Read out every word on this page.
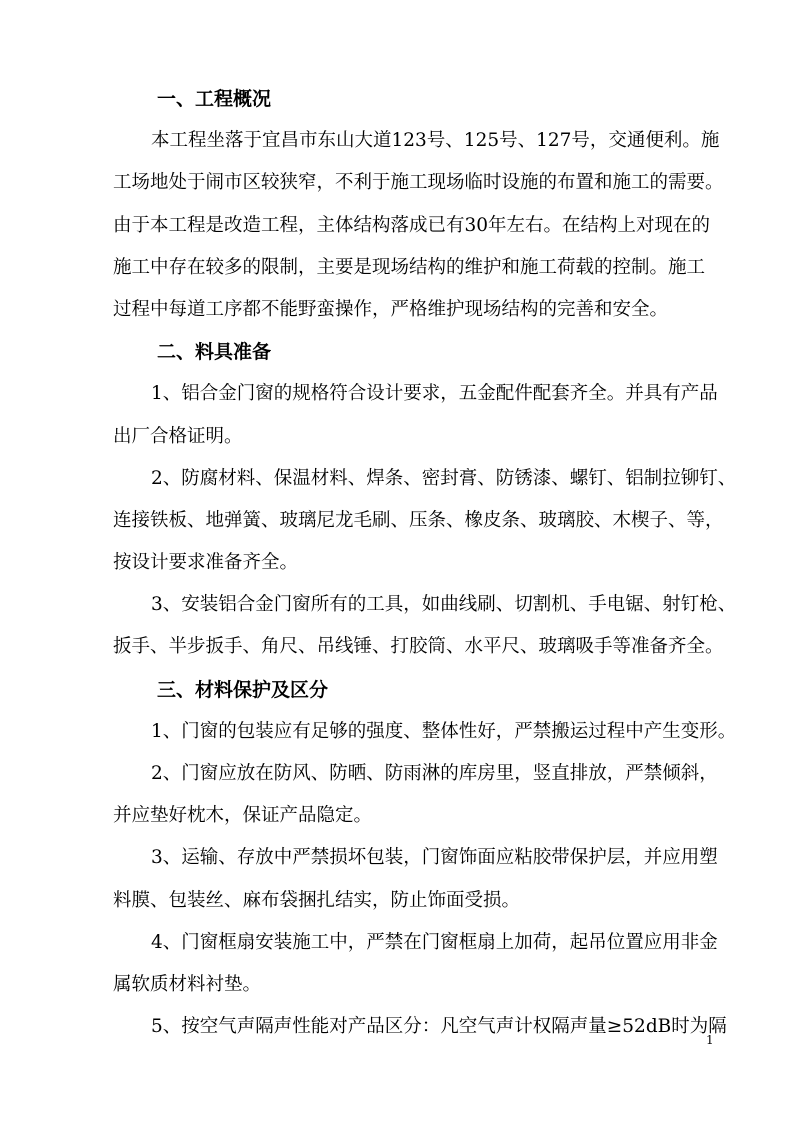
一、工程概况
本工程坐落于宜昌市东山大道123号、125号、127号，交通便利。施
工场地处于闹市区较狭窄，不利于施工现场临时设施的布置和施工的需要。
由于本工程是改造工程，主体结构落成已有30年左右。在结构上对现在的
施工中存在较多的限制，主要是现场结构的维护和施工荷载的控制。施工
过程中每道工序都不能野蛮操作，严格维护现场结构的完善和安全。
二、料具准备
1、铝合金门窗的规格符合设计要求，五金配件配套齐全。并具有产品
出厂合格证明。
2、防腐材料、保温材料、焊条、密封膏、防锈漆、螺钉、铝制拉铆钉、
连接铁板、地弹簧、玻璃尼龙毛刷、压条、橡皮条、玻璃胶、木楔子、等，
按设计要求准备齐全。
3、安装铝合金门窗所有的工具，如曲线刷、切割机、手电锯、射钉枪、
扳手、半步扳手、角尺、吊线锤、打胶筒、水平尺、玻璃吸手等准备齐全。
三、材料保护及区分
1、门窗的包装应有足够的强度、整体性好，严禁搬运过程中产生变形。
2、门窗应放在防风、防晒、防雨淋的库房里，竖直排放，严禁倾斜，
并应垫好枕木，保证产品隐定。
3、运输、存放中严禁损坏包装，门窗饰面应粘胶带保护层，并应用塑
料膜、包装丝、麻布袋捆扎结实，防止饰面受损。
4、门窗框扇安装施工中，严禁在门窗框扇上加荷，起吊位置应用非金
属软质材料衬垫。
5、按空气声隔声性能对产品区分：凡空气声计权隔声量≥52dB时为隔
1
